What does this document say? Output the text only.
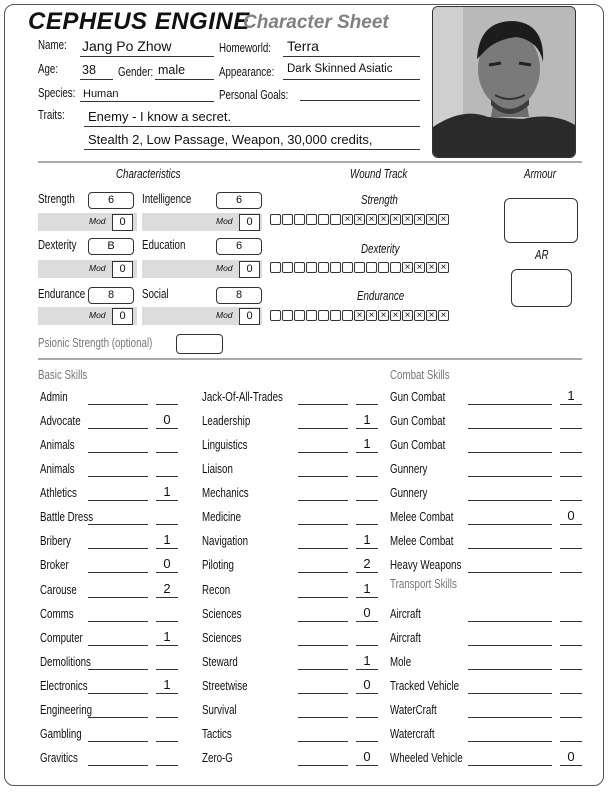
CEPHEUS ENGINE
Character Sheet
Name: Jang Po Zhow	Homeworld: Terra
Age: 38 Gender: male	Appearance: Dark Skinned Asiatic
Species: Human	Personal Goals:
Traits: Enemy - I know a secret.
Stealth 2, Low Passage, Weapon, 30,000 credits,
Characteristics
Strength	6	Intelligence	6
Mod	0	Mod	0
Dexterity	B	Education	6
Mod	0	Mod	0
Endurance	8	Social	8
Mod	0	Mod	0
Psionic Strength (optional)
Wound Track
Strength
× × × × × × × × ×
Dexterity
× × × ×
Endurance
× × × × × × × ×
Armour
AR
Basic Skills	Combat Skills
Admin
Advocate	0
Animals
Animals
Athletics	1
Battle Dress
Bribery	1
Broker	0
Carouse	2
Comms
Computer	1
Demolitions
Electronics	1
Engineering
Gambling
Gravitics
Jack-Of-All-Trades
Leadership	1
Linguistics	1
Liaison
Mechanics
Medicine
Navigation	1
Piloting	2
Recon	1
Sciences	0
Sciences
Steward	1
Streetwise	0
Survival
Tactics
Zero-G	0
Gun Combat	1
Gun Combat
Gun Combat
Gunnery
Gunnery
Melee Combat	0
Melee Combat
Heavy Weapons
Transport Skills
Aircraft
Aircraft
Mole
Tracked Vehicle
WaterCraft
Watercraft
Wheeled Vehicle	0
